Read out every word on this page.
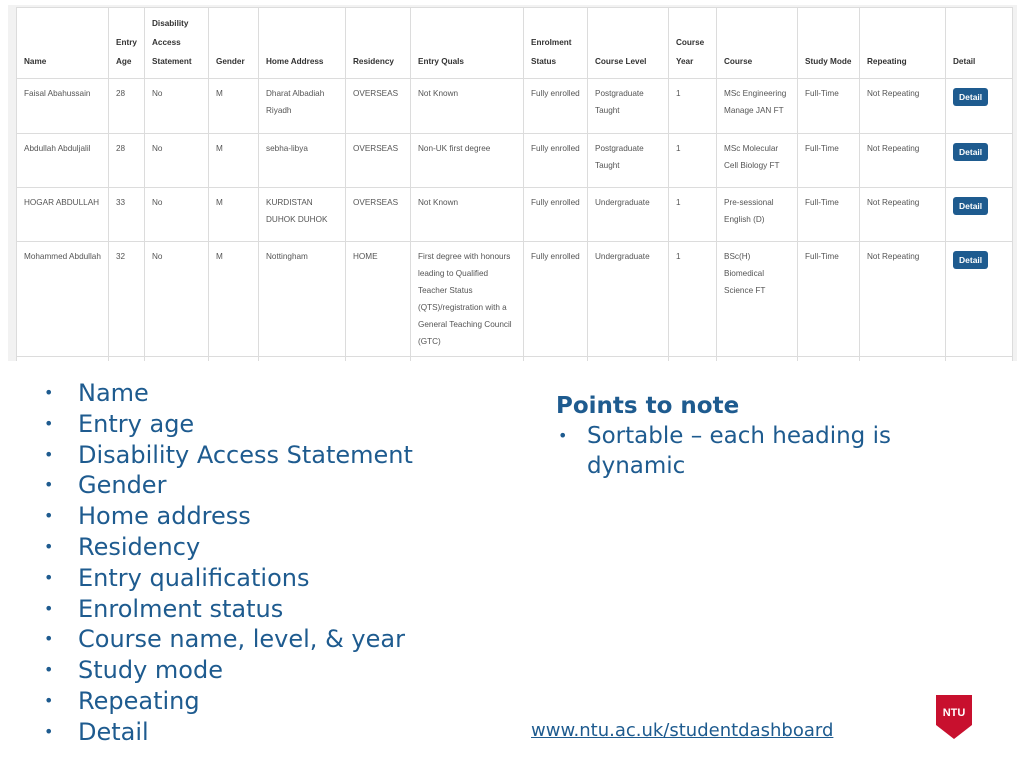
Name	Entry Age	Disability Access Statement	Gender	Home Address	Residency	Entry Quals	Enrolment Status	Course Level	Course Year	Course	Study Mode	Repeating	Detail
Faisal Abahussain	28	No	M	Dharat Albadiah Riyadh	OVERSEAS	Not Known	Fully enrolled	Postgraduate Taught	1	MSc Engineering Manage JAN FT	Full-Time	Not Repeating	Detail
Abdullah Abduljalil	28	No	M	sebha-libya	OVERSEAS	Non-UK first degree	Fully enrolled	Postgraduate Taught	1	MSc Molecular Cell Biology FT	Full-Time	Not Repeating	Detail
HOGAR ABDULLAH	33	No	M	KURDISTAN DUHOK DUHOK	OVERSEAS	Not Known	Fully enrolled	Undergraduate	1	Pre-sessional English (D)	Full-Time	Not Repeating	Detail
Mohammed Abdullah	32	No	M	Nottingham	HOME	First degree with honours leading to Qualified Teacher Status (QTS)/registration with a General Teaching Council (GTC)	Fully enrolled	Undergraduate	1	BSc(H) Biomedical Science FT	Full-Time	Not Repeating	Detail

• Name
• Entry age
• Disability Access Statement
• Gender
• Home address
• Residency
• Entry qualifications
• Enrolment status
• Course name, level, & year
• Study mode
• Repeating
• Detail
Points to note
• Sortable – each heading is dynamic
www.ntu.ac.uk/studentdashboard
NTU
